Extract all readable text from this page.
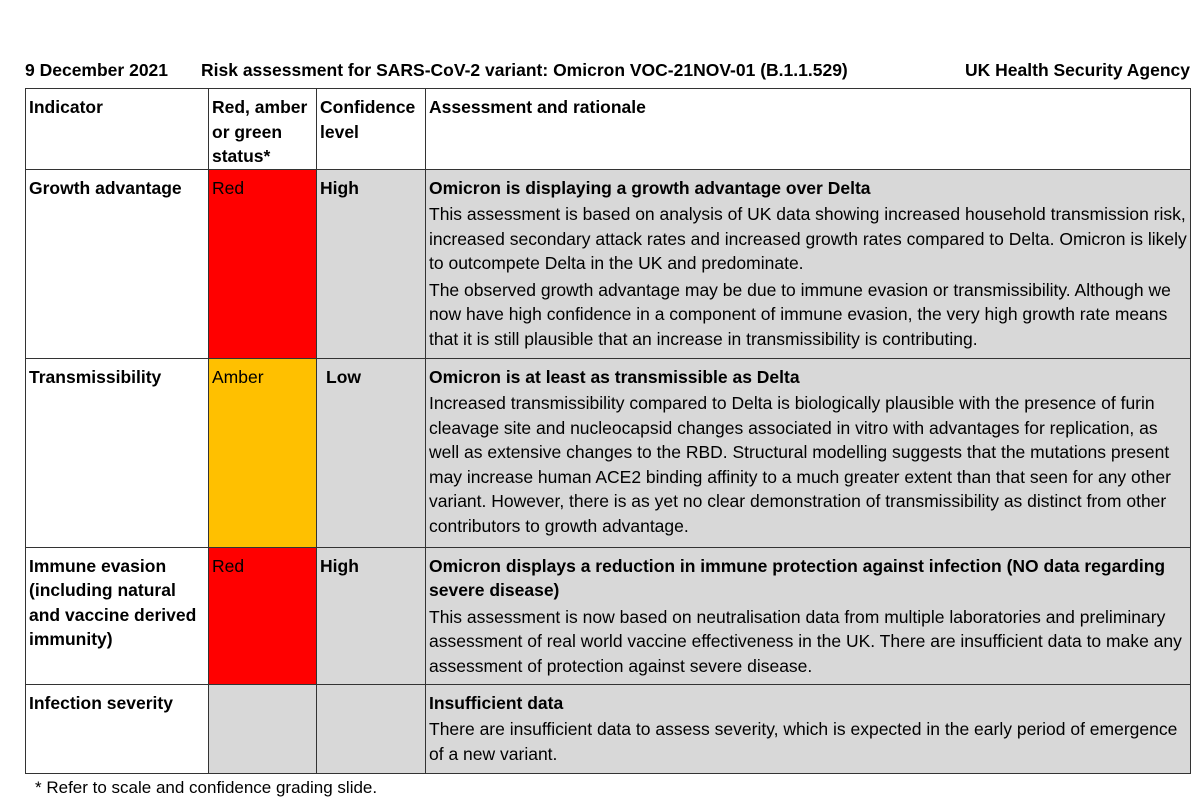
9 December 2021 Risk assessment for SARS-CoV-2 variant: Omicron VOC-21NOV-01 (B.1.1.529)	UK Health Security Agency
Indicator	Red, amber or green status*	Confidence level	Assessment and rationale
Growth advantage	Red	High	Omicron is displaying a growth advantage over Delta
This assessment is based on analysis of UK data showing increased household transmission risk, increased secondary attack rates and increased growth rates compared to Delta. Omicron is likely to outcompete Delta in the UK and predominate.
The observed growth advantage may be due to immune evasion or transmissibility. Although we now have high confidence in a component of immune evasion, the very high growth rate means that it is still plausible that an increase in transmissibility is contributing.

Transmissibility	Amber	Low	Omicron is at least as transmissible as Delta
Increased transmissibility compared to Delta is biologically plausible with the presence of furin cleavage site and nucleocapsid changes associated in vitro with advantages for replication, as well as extensive changes to the RBD. Structural modelling suggests that the mutations present may increase human ACE2 binding affinity to a much greater extent than that seen for any other variant. However, there is as yet no clear demonstration of transmissibility as distinct from other contributors to growth advantage.

Immune evasion (including natural and vaccine derived immunity)	Red	High	Omicron displays a reduction in immune protection against infection (NO data regarding severe disease)
This assessment is now based on neutralisation data from multiple laboratories and preliminary assessment of real world vaccine effectiveness in the UK. There are insufficient data to make any assessment of protection against severe disease.

Infection severity			Insufficient data
There are insufficient data to assess severity, which is expected in the early period of emergence of a new variant.
* Refer to scale and confidence grading slide.
